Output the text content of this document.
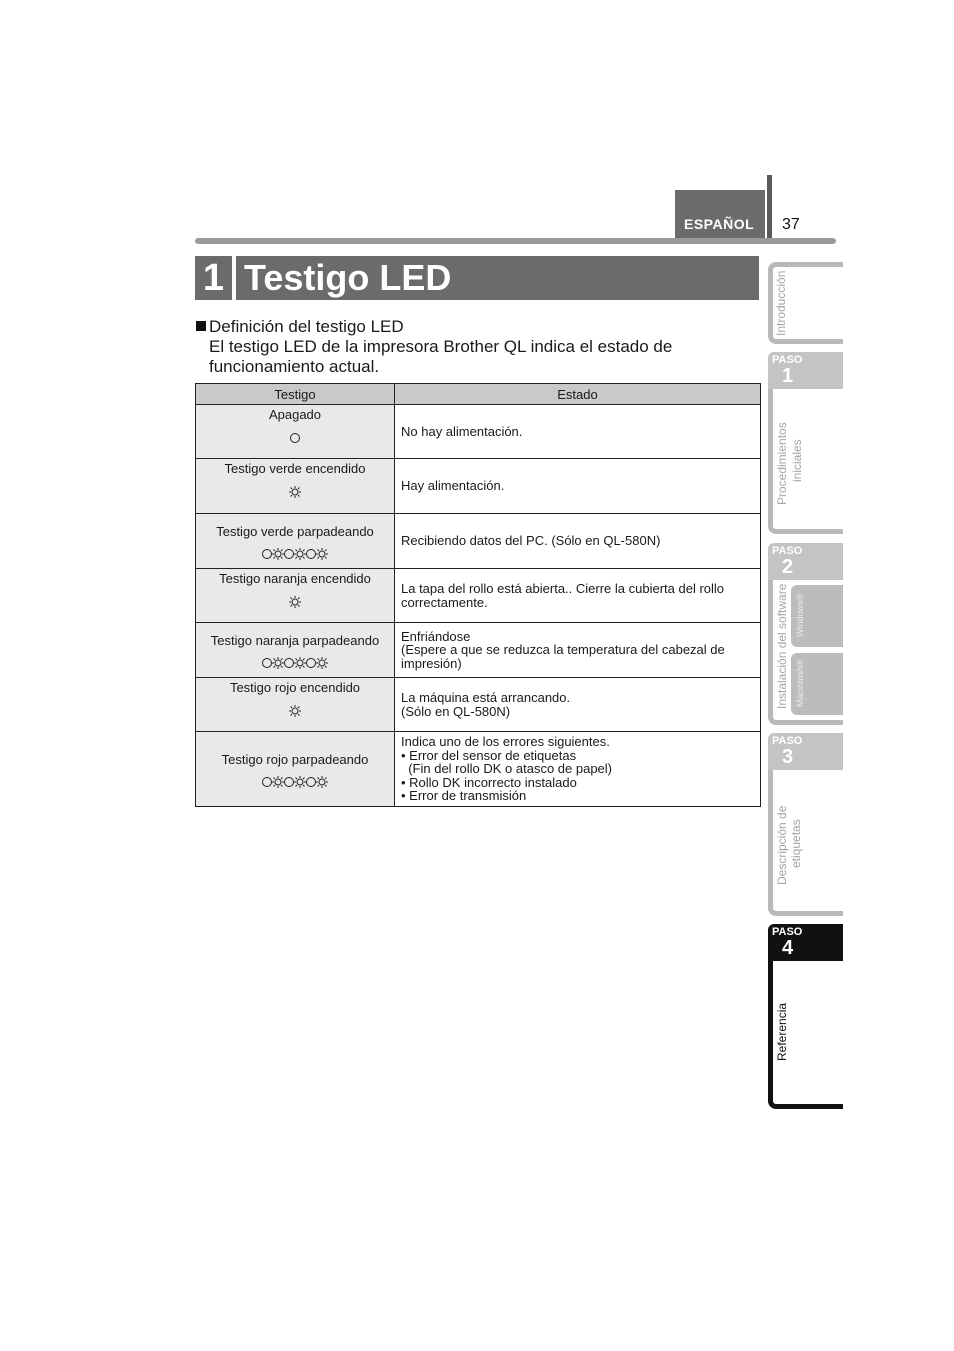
ESPAÑOL	37
1 Testigo LED
Definición del testigo LED
El testigo LED de la impresora Brother QL indica el estado de funcionamiento actual.
Testigo	Estado

Apagado	No hay alimentación.

Testigo verde encendido	Hay alimentación.

Testigo verde parpadeando	Recibiendo datos del PC. (Sólo en QL-580N)

Testigo naranja encendido	La tapa del rollo está abierta.. Cierre la cubierta del rollo
correctamente.

Testigo naranja parpadeando	Enfriándose
(Espere a que se reduzca la temperatura del cabezal de
impresión)

Testigo rojo encendido	La máquina está arrancando.
(Sólo en QL-580N)

Testigo rojo parpadeando	Indica uno de los errores siguientes.
• Error del sensor de etiquetas
(Fin del rollo DK o atasco de papel)
• Rollo DK incorrecto instalado
• Error de transmisión
Introducción
PASO
1
Procedimientos iniciales
PASO
2
Instalación del software Windows®
Macintosh®
PASO
3
Descripción de etiquetas
PASO
4
Referencia
